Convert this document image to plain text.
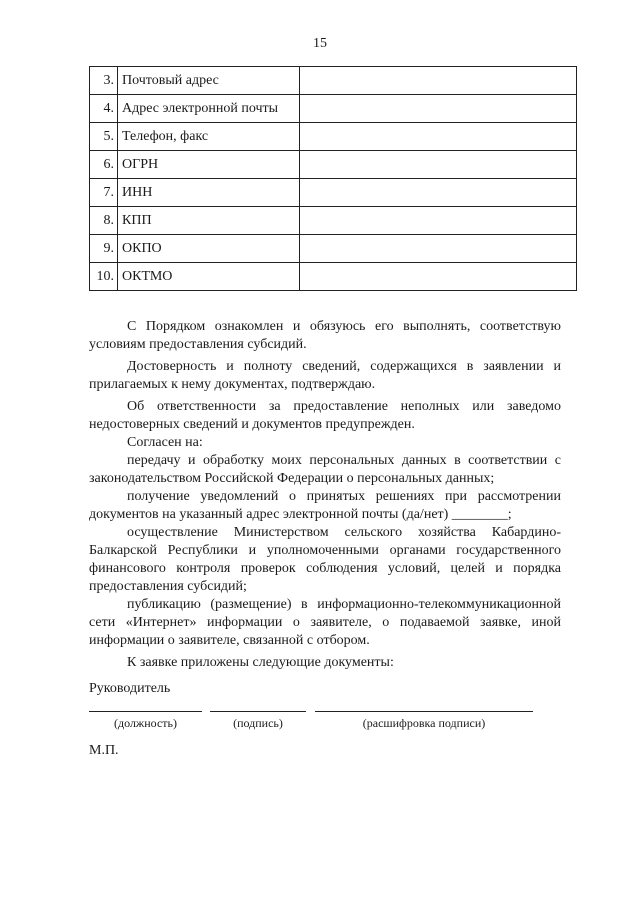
15
3.	Почтовый адрес	
4.	Адрес электронной почты	
5.	Телефон, факс	
6.	ОГРН	
7.	ИНН	
8.	КПП	
9.	ОКПО	
10.	ОКТМО	

С Порядком ознакомлен и обязуюсь его выполнять, соответствую условиям предоставления субсидий.

Достоверность и полноту сведений, содержащихся в заявлении и прилагаемых к нему документах, подтверждаю.

Об ответственности за предоставление неполных или заведомо недостоверных сведений и документов предупрежден.

Согласен на:

передачу и обработку моих персональных данных в соответствии с законодательством Российской Федерации о персональных данных;

получение уведомлений о принятых решениях при рассмотрении документов на указанный адрес электронной почты (да/нет) ________;

осуществление Министерством сельского хозяйства Кабардино-Балкарской Республики и уполномоченными органами государственного финансового контроля проверок соблюдения условий, целей и порядка предоставления субсидий;

публикацию (размещение) в информационно-телекоммуникационной сети «Интернет» информации о заявителе, о подаваемой заявке, иной информации о заявителе, связанной с отбором.

К заявке приложены следующие документы:

Руководитель
(должность)	(подпись)	(расшифровка подписи)
М.П.
